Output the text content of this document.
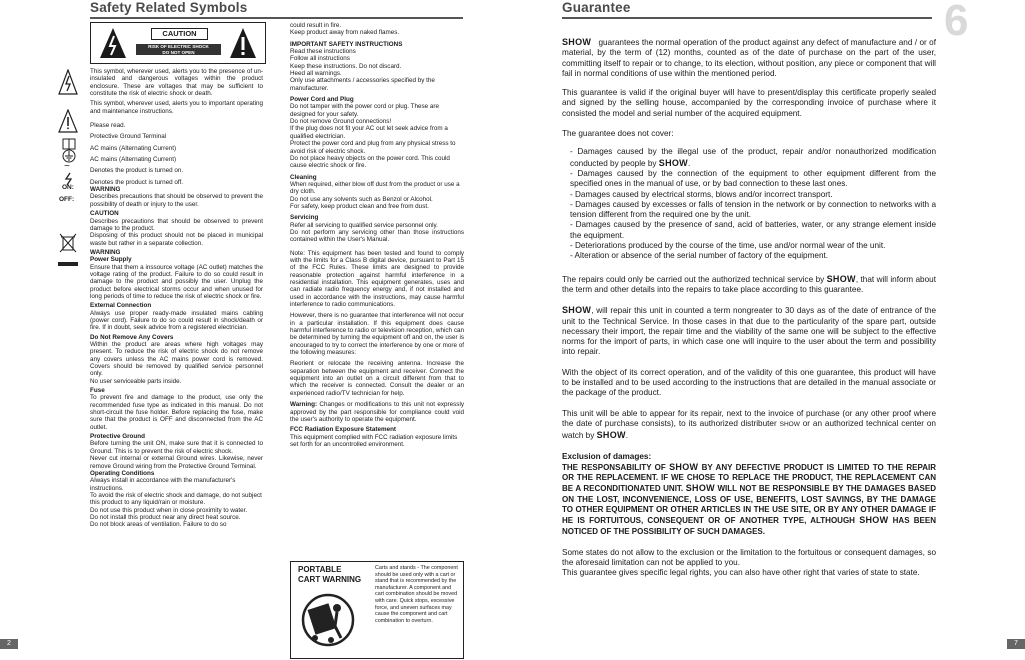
Safety Related Symbols
CAUTION
RISK OF ELECTRIC SHOCK
DO NOT OPEN
~
ON:
OFF:

This symbol, wherever used, alerts you to the presence of un-insulated and dangerous voltages within the product enclosure. These are voltages that may be sufficient to constitute the risk of electric shock or death.

This symbol, wherever used, alerts you to important operating and maintenance instructions.

Please read.

Protective Ground Terminal

AC mains (Alternating Current)

AC mains (Alternating Current)

Denotes the product is turned on.

Denotes the product is turned off.

WARNING

Describes precautions that should be observed to prevent the possibility of death or injury to the user.

CAUTION

Describes precautions that should be observed to prevent damage to the product.

Disposing of this product should not be placed in municipal waste but rather in a separate collection.

WARNING

Power Supply

Ensure that them a inssource voltage (AC outlet) matches the voltage rating of the product. Failure to do so could result in damage to the product and possibly the user. Unplug the product before electrical storms occur and when unused for long periods of time to reduce the risk of electric shock or fire.

External Connection

Always use proper ready-made insulated mains cabling (power cord). Failure to do so could result in shock/death or fire. If in doubt, seek advice from a registered electrician.

Do Not Remove Any Covers

Within the product are areas where high voltages may present. To reduce the risk of electric shock do not remove any covers unless the AC mains power cord is removed. Covers should be removed by qualified service personnel only.

No user serviceable parts inside.

Fuse

To prevent fire and damage to the product, use only the recommended fuse type as indicated in this manual. Do not short-circuit the fuse holder. Before replacing the fuse, make sure that the product is OFF and disconnected from the AC outlet.

Protective Ground

Before turning the unit ON, make sure that it is connected to Ground. This is to prevent the risk of electric shock.

Never cut internal or external Ground wires. Likewise, never remove Ground wiring from the Protective Ground Terminal.

Operating Conditions

Always install in accordance with the manufacturer's instructions.

To avoid the risk of electric shock and damage, do not subject this product to any liquid/rain or moisture.

Do not use this product when in close proximity to water.

Do not install this product near any direct heat source.

Do not block areas of ventilation. Failure to do so

could result in fire.

Keep product away from naked flames.

IMPORTANT SAFETY INSTRUCTIONS

Read these instructions

Follow all instructions

Keep these instructions. Do not discard.

Heed all warnings.

Only use attachments / accessories specified by the manufacturer.

Power Cord and Plug

Do not tamper with the power cord or plug. These are designed for your safety.

Do not remove Ground connections!

If the plug does not fit your AC out let seek advice from a qualified electrician.

Protect the power cord and plug from any physical stress to avoid risk of electric shock.

Do not place heavy objects on the power cord. This could cause electric shock or fire.

Cleaning

When required, either blow off dust from the product or use a dry cloth.

Do not use any solvents such as Benzol or Alcohol.

For safety, keep product clean and free from dust.

Servicing

Refer all servicing to qualified service personnel only.

Do not perform any servicing other than those instructions contained within the User's Manual.

Note: This equipment has been tested and found to comply with the limits for a Class B digital device, pursuant to Part 15 of the FCC Rules. These limits are designed to provide reasonable protection against harmful interference in a residential installation. This equipment generates, uses and can radiate radio frequency energy and, if not installed and used in accordance with the instructions, may cause harmful interference to radio communications.

However, there is no guarantee that interference will not occur in a particular installation. If this equipment does cause harmful interference to radio or television reception, which can be determined by turning the equipment off and on, the user is encouraged to try to correct the interference by one or more of the following measures:

Reorient or relocate the receiving antenna. Increase the separation between the equipment and receiver. Connect the equipment into an outlet on a circuit different from that to which the receiver is connected. Consult the dealer or an experienced radio/TV technician for help.

Warning: Changes or modifications to this unit not expressly approved by the part responsible for compliance could void the user's authority to operate the equipment.

FCC Radiation Exposure Statement

This equipment complied with FCC radiation exposure limits set forth for an uncontrolled environment.

PORTABLE
CART WARNING
Carts and stands - The component should be used only with a cart or stand that is recommended by the manufacturer. A component and cart combination should be moved with care. Quick stops, excessive force, and uneven surfaces may cause the component and cart combination to overturn.
2
Guarantee	6

SHOW guarantees the normal operation of the product against any defect of manufacture and / or of material, by the term of (12) months, counted as of the date of purchase on the part of the user, committing itself to repair or to change, to its election, without position, any piece or component that will fail in normal conditions of use within the mentioned period.

This guarantee is valid if the original buyer will have to present/display this certificate properly sealed and signed by the selling house, accompanied by the corresponding invoice of purchase where it consisted the model and serial number of the acquired equipment.

The guarantee does not cover:

- Damages caused by the illegal use of the product, repair and/or nonauthorized modification conducted by people by SHOW.

- Damages caused by the connection of the equipment to other equipment different from the specified ones in the manual of use, or by bad connection to these last ones.

- Damages caused by electrical storms, blows and/or incorrect transport.

- Damages caused by excesses or falls of tension in the network or by connection to networks with a tension different from the required one by the unit.

- Damages caused by the presence of sand, acid of batteries, water, or any strange element inside the equipment.

- Deteriorations produced by the course of the time, use and/or normal wear of the unit.

- Alteration or absence of the serial number of factory of the equipment.

The repairs could only be carried out the authorized technical service by SHOW, that will inform about the term and other details into the repairs to take place according to this guarantee.

SHOW, will repair this unit in counted a term nongreater to 30 days as of the date of entrance of the unit to the Technical Service. In those cases in that due to the particularity of the spare part, outside necessary their import, the repair time and the viability of the same one will be subject to the effective norms for the import of parts, in which case one will inquire to the user about the term and possibility into repair.

With the object of its correct operation, and of the validity of this one guarantee, this product will have to be installed and to be used according to the instructions that are detailed in the manual associate or the package of the product.

This unit will be able to appear for its repair, next to the invoice of purchase (or any other proof where the date of purchase consists), to its authorized distributer SHOW or an authorized technical center on watch by SHOW.

Exclusion of damages:

THE RESPONSABILITY OF SHOW BY ANY DEFECTIVE PRODUCT IS LIMITED TO THE REPAIR OR THE REPLACEMENT. IF WE CHOSE TO REPLACE THE PRODUCT, THE REPLACEMENT CAN BE A RECONDITIONATED UNIT. SHOW WILL NOT BE RESPONSIBLE BY THE DAMAGES BASED ON THE LOST, INCONVENIENCE, LOSS OF USE, BENEFITS, LOST SAVINGS, BY THE DAMAGE TO OTHER EQUIPMENT OR OTHER ARTICLES IN THE USE SITE, OR BY ANY OTHER DAMAGE IF HE IS FORTUITOUS, CONSEQUENT OR OF ANOTHER TYPE, ALTHOUGH SHOW HAS BEEN NOTICED OF THE POSSIBILITY OF SUCH DAMAGES.

Some states do not allow to the exclusion or the limitation to the fortuitous or consequent damages, so the aforesaid limitation can not be applied to you.

This guarantee gives specific legal rights, you can also have other right that varies of state to state.

7
